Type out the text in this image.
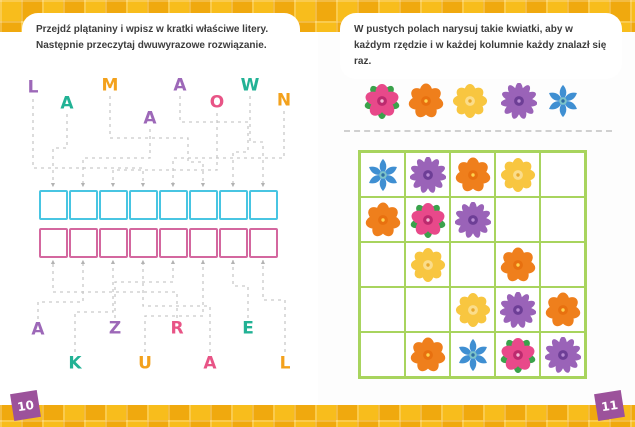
Przejdź plątaniny i wpisz w kratki właściwe litery. Następnie przeczytaj dwuwyrazowe rozwiązanie.
L
A
M
A
A
O
W
N
▼	▼	▼	▼	▼	▼	▼	▼
▲	▲	▲	▲	▲	▲	▲	▲
A	Z	R	E
K	U	A	L
10
W pustych polach narysuj takie kwiatki, aby w każdym rzędzie i w każdej kolumnie każdy znalazł się raz.
11
